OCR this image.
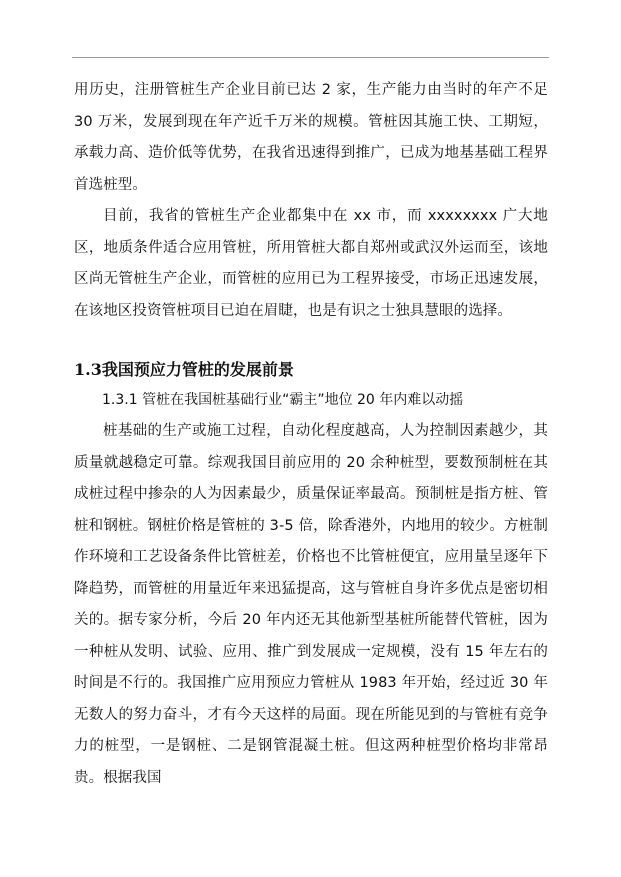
用历史，注册管桩生产企业目前已达 2 家，生产能力由当时的年产不足 30 万米，发展到现在年产近千万米的规模。管桩因其施工快、工期短，承载力高、造价低等优势，在我省迅速得到推广，已成为地基基础工程界首选桩型。

目前，我省的管桩生产企业都集中在 xx 市，而 xxxxxxxx 广大地区，地质条件适合应用管桩，所用管桩大都自郑州或武汉外运而至，该地区尚无管桩生产企业，而管桩的应用已为工程界接受，市场正迅速发展，在该地区投资管桩项目已迫在眉睫，也是有识之士独具慧眼的选择。

1.3我国预应力管桩的发展前景

1.3.1 管桩在我国桩基础行业“霸主”地位 20 年内难以动摇

桩基础的生产或施工过程，自动化程度越高，人为控制因素越少，其质量就越稳定可靠。综观我国目前应用的 20 余种桩型，要数预制桩在其成桩过程中掺杂的人为因素最少，质量保证率最高。预制桩是指方桩、管桩和钢桩。钢桩价格是管桩的 3-5 倍，除香港外，内地用的较少。方桩制作环境和工艺设备条件比管桩差，价格也不比管桩便宜，应用量呈逐年下降趋势，而管桩的用量近年来迅猛提高，这与管桩自身许多优点是密切相关的。据专家分析，今后 20 年内还无其他新型基桩所能替代管桩，因为一种桩从发明、试验、应用、推广到发展成一定规模，没有 15 年左右的时间是不行的。我国推广应用预应力管桩从 1983 年开始，经过近 30 年无数人的努力奋斗，才有今天这样的局面。现在所能见到的与管桩有竞争力的桩型，一是钢桩、二是钢管混凝土桩。但这两种桩型价格均非常昂贵。根据我国
